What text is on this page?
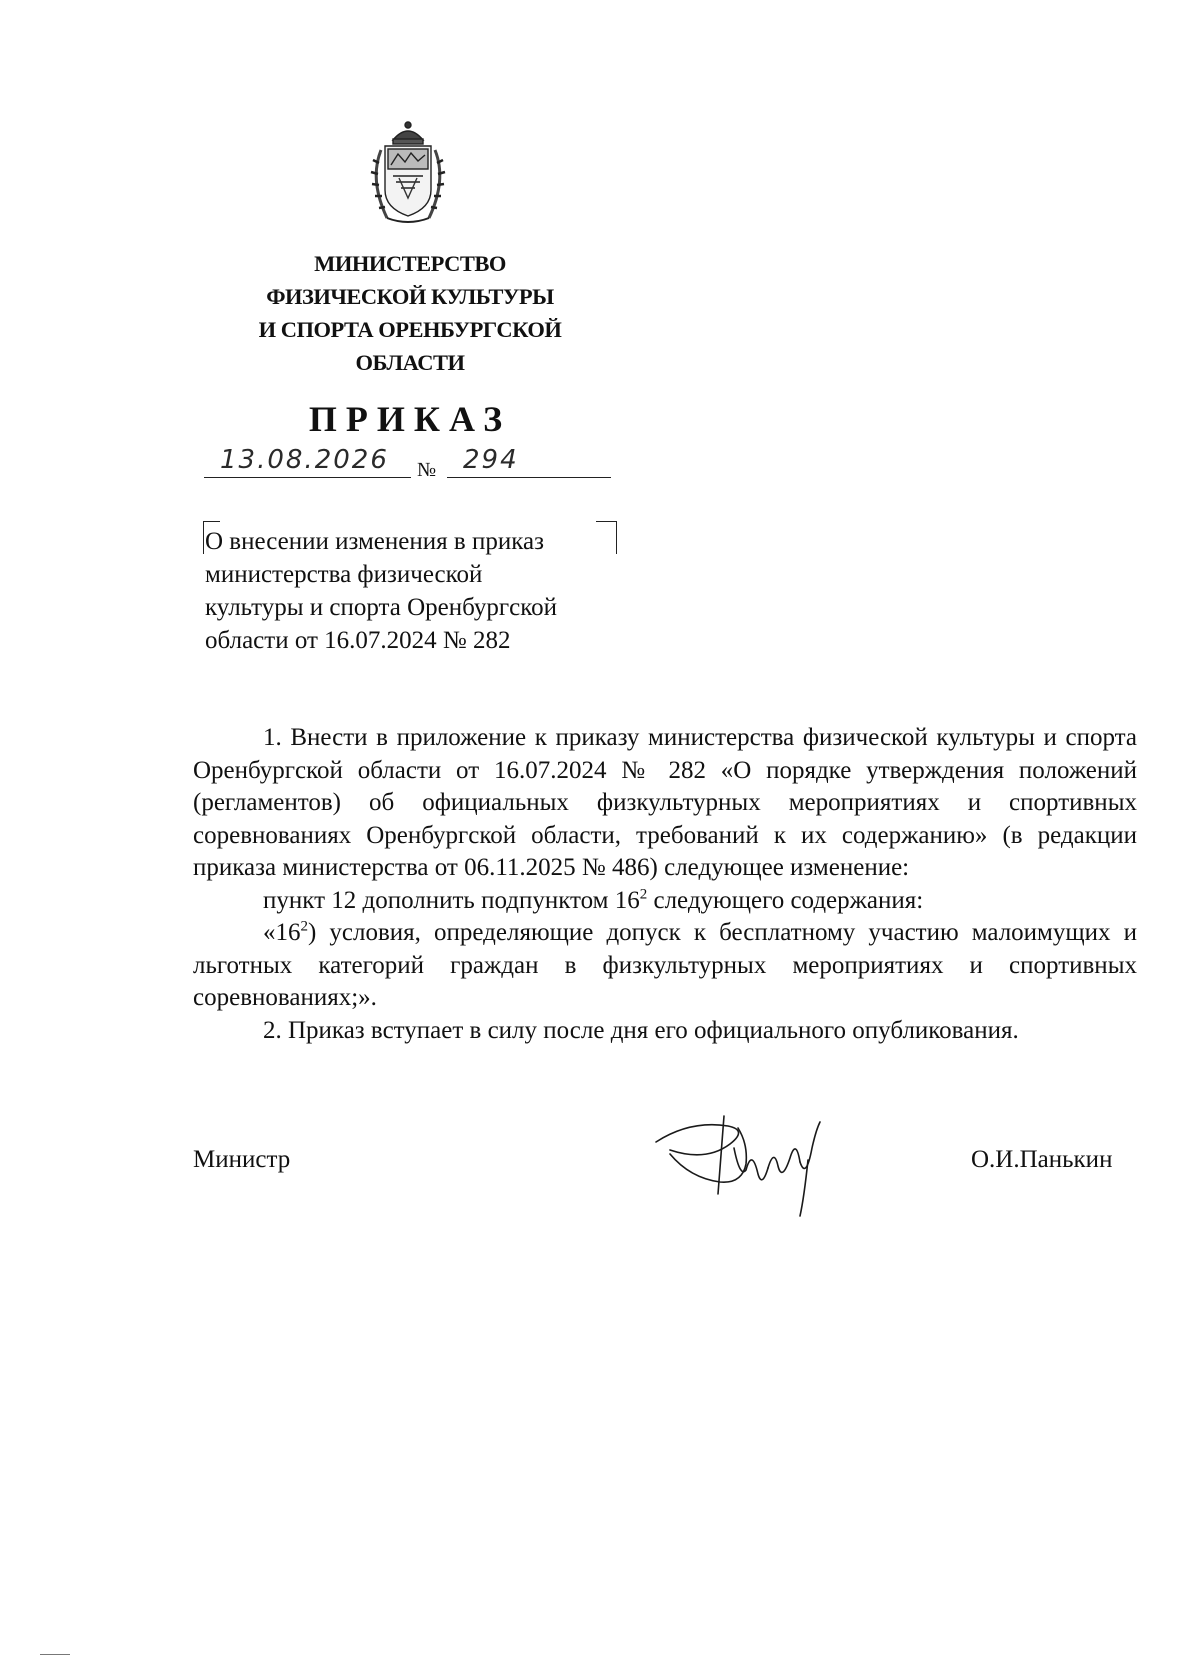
МИНИСТЕРСТВО
ФИЗИЧЕСКОЙ КУЛЬТУРЫ
И СПОРТА ОРЕНБУРГСКОЙ
ОБЛАСТИ
ПРИКАЗ
13.08.2026 № 294
О внесении изменения в приказ
министерства физической
культуры и спорта Оренбургской
области от 16.07.2024 № 282

1. Внести в приложение к приказу министерства физической культуры и спорта Оренбургской области от 16.07.2024 № 282 «О порядке утверждения положений (регламентов) об официальных физкультурных мероприятиях и спортивных соревнованиях Оренбургской области, требований к их содержанию» (в редакции приказа министерства от 06.11.2025 № 486) следующее изменение:

пункт 12 дополнить подпунктом $16^2$ следующего содержания:

«$16^2$) условия, определяющие допуск к бесплатному участию малоимущих и льготных категорий граждан в физкультурных мероприятиях и спортивных соревнованиях;».

2. Приказ вступает в силу после дня его официального опубликования.

Министр	О.И.Панькин
